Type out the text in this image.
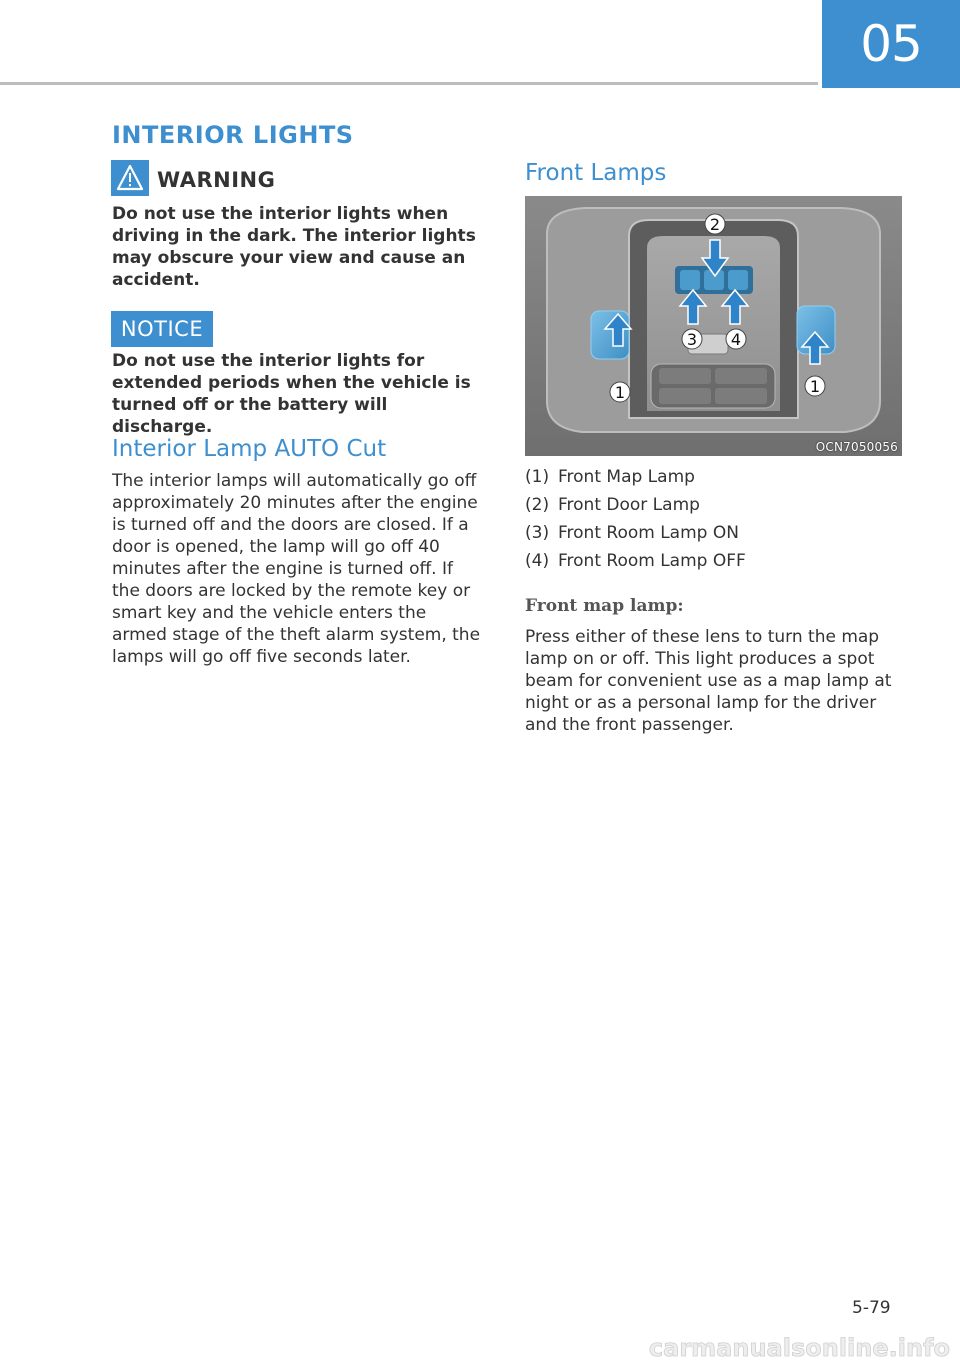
05
INTERIOR LIGHTS
WARNING

Do not use the interior lights when driving in the dark. The interior lights may obscure your view and cause an accident.

NOTICE

Do not use the interior lights for extended periods when the vehicle is turned off or the battery will discharge.

Interior Lamp AUTO Cut

The interior lamps will automatically go off approximately 20 minutes after the engine is turned off and the doors are closed. If a door is opened, the lamp will go off 40 minutes after the engine is turned off. If the doors are locked by the remote key or smart key and the vehicle enters the armed stage of the theft alarm system, the lamps will go off five seconds later.

Front Lamps
1
2
3 4
1
OCN7050056
(1) Front Map Lamp
(2) Front Door Lamp
(3) Front Room Lamp ON
(4) Front Room Lamp OFF
Front map lamp:

Press either of these lens to turn the map lamp on or off. This light produces a spot beam for convenient use as a map lamp at night or as a personal lamp for the driver and the front passenger.

5-79
carmanualsonline.info
